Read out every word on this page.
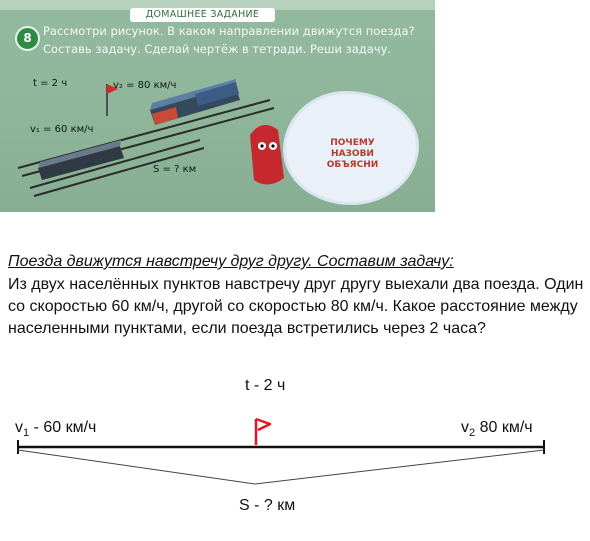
ДОМАШНЕЕ ЗАДАНИЕ
8 Рассмотри рисунок. В каком направлении движутся поезда?
Составь задачу. Сделай чертёж в тетради. Реши задачу.
t = 2 ч	v₂ = 80 км/ч
v₁ = 60 км/ч
S = ? км
ПОЧЕМУ
НАЗОВИ
ОБЪЯСНИ
Поезда движутся навстречу друг другу. Составим задачу:

Из двух населённых пунктов навстречу друг другу выехали два поезда. Один со скоростью 60 км/ч, другой со скоростью 80 км/ч. Какое расстояние между населенными пунктами, если поезда встретились через 2 часа?

t - 2 ч
$v_1 - 60$ км/ч	$v_2$ 80 км/ч
S - ? км
